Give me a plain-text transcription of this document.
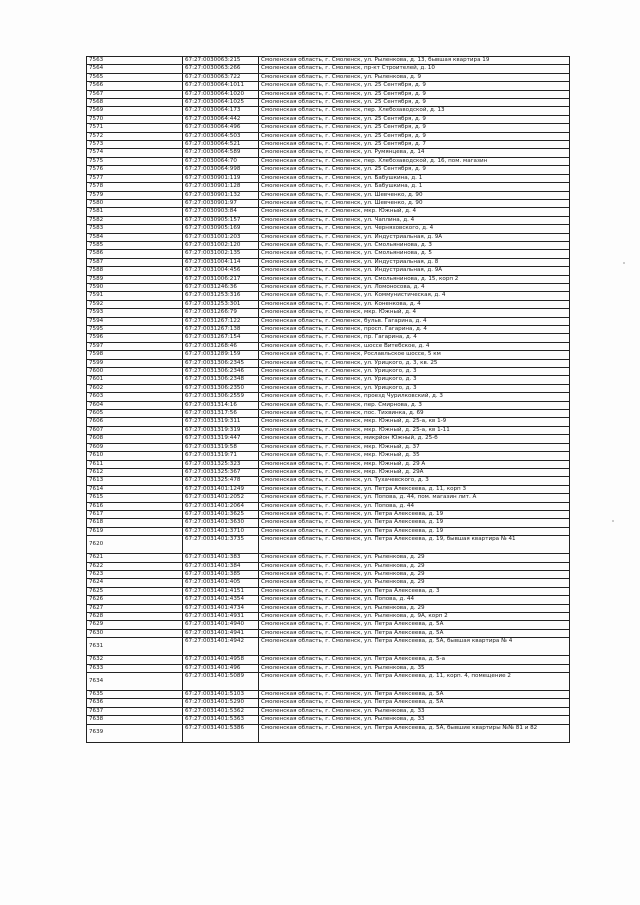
7563	67:27:0030063:215	Смоленская область, г. Смоленск, ул. Рыленкова, д. 13, бывшая квартира 19
7564	67:27:0030063:266	Смоленская область, г. Смоленск, пр-кт Строителей, д. 10
7565	67:27:0030063:722	Смоленская область, г. Смоленск, ул. Рыленкова, д. 9
7566	67:27:0030064:1011	Смоленская область, г. Смоленск, ул. 25 Сентября, д. 9
7567	67:27:0030064:1020	Смоленская область, г. Смоленск, ул. 25 Сентября, д. 9
7568	67:27:0030064:1025	Смоленская область, г. Смоленск, ул. 25 Сентября, д. 9
7569	67:27:0030064:173	Смоленская область, г. Смоленск, пер. Хлебозаводской, д. 13
7570	67:27:0030064:442	Смоленская область, г. Смоленск, ул. 25 Сентября, д. 9
7571	67:27:0030064:496	Смоленская область, г. Смоленск, ул. 25 Сентября, д. 9
7572	67:27:0030064:503	Смоленская область, г. Смоленск, ул. 25 Сентября, д. 9
7573	67:27:0030064:521	Смоленская область, г. Смоленск, ул. 25 Сентября, д. 7
7574	67:27:0030064:589	Смоленская область, г. Смоленск, ул. Румянцева, д. 14
7575	67:27:0030064:70	Смоленская область, г. Смоленск, пер. Хлебозаводской, д. 16, пом. магазин
7576	67:27:0030064:998	Смоленская область, г. Смоленск, ул. 25 Сентября, д. 9
7577	67:27:0030901:119	Смоленская область, г. Смоленск, ул. Бабушкина, д. 1
7578	67:27:0030901:128	Смоленская область, г. Смоленск, ул. Бабушкина, д. 1
7579	67:27:0030901:132	Смоленская область, г. Смоленск, ул. Шевченко, д. 90
7580	67:27:0030901:97	Смоленская область, г. Смоленск, ул. Шевченко, д. 90
7581	67:27:0030903:84	Смоленская область, г. Смоленск, мкр. Южный, д. 4
7582	67:27:0030905:157	Смоленская область, г. Смоленск, ул. Чаплина, д. 4
7583	67:27:0030905:169	Смоленская область, г. Смоленск, ул. Черняховского, д. 4
7584	67:27:0031001:203	Смоленская область, г. Смоленск, ул. Индустриальная, д. 9А
7585	67:27:0031002:120	Смоленская область, г. Смоленск, ул. Смольянинова, д. 3
7586	67:27:0031002:135	Смоленская область, г. Смоленск, ул. Смольянинова, д. 5
7587	67:27:0031004:114	Смоленская область, г. Смоленск, ул. Индустриальная, д. 8
7588	67:27:0031004:456	Смоленская область, г. Смоленск, ул. Индустриальная, д. 9А
7589	67:27:0031006:217	Смоленская область, г. Смоленск, ул. Смольянинова, д. 15, корп 2
7590	67:27:0031246:36	Смоленская область, г. Смоленск, ул. Ломоносова, д. 4
7591	67:27:0031253:316	Смоленская область, г. Смоленск, ул. Коммунистическая, д. 4
7592	67:27:0031253:301	Смоленская область, г. Смоленск, ул. Коненкова, д. 4
7593	67:27:0031266:79	Смоленская область, г. Смоленск, мкр. Южный, д. 4
7594	67:27:0031267:122	Смоленская область, г. Смоленск, бульв. Гагарина, д. 4
7595	67:27:0031267:138	Смоленская область, г. Смоленск, просп. Гагарина, д. 4
7596	67:27:0031267:154	Смоленская область, г. Смоленск, пр. Гагарина, д. 4
7597	67:27:0031268:46	Смоленская область, г. Смоленск, шоссе Витебское, д. 4
7598	67:27:0031289:159	Смоленская область, г. Смоленск, Рославльское шоссе, 5 км
7599	67:27:0031306:2345	Смоленская область, г. Смоленск, ул. Урицкого, д. 3, кв. 25
7600	67:27:0031306:2346	Смоленская область, г. Смоленск, ул. Урицкого, д. 3
7601	67:27:0031306:2348	Смоленская область, г. Смоленск, ул. Урицкого, д. 3
7602	67:27:0031306:2350	Смоленская область, г. Смоленск, ул. Урицкого, д. 3
7603	67:27:0031306:2559	Смоленская область, г. Смоленск, проезд Чурилковский, д. 3
7604	67:27:0031314:16	Смоленская область, г. Смоленск, пер. Смирнова, д. 3
7605	67:27:0031317:56	Смоленская область, г. Смоленск, пос. Тихвинка, д. 69
7606	67:27:0031319:311	Смоленская область, г. Смоленск, мкр. Южный, д. 25-а, кв 1-9
7607	67:27:0031319:319	Смоленская область, г. Смоленск, мкр. Южный, д. 25-а, кв 1-11
7608	67:27:0031319:447	Смоленская область, г. Смоленск, микрйон Южный, д. 25-б
7609	67:27:0031319:58	Смоленская область, г. Смоленск, мкр. Южный, д. 37
7610	67:27:0031319:71	Смоленская область, г. Смоленск, мкр. Южный, д. 35
7611	67:27:0031325:323	Смоленская область, г. Смоленск, мкр. Южный, д. 29 А
7612	67:27:0031325:367	Смоленская область, г. Смоленск, мкр. Южный, д. 29А
7613	67:27:0031325:478	Смоленская область, г. Смоленск, ул. Тухачевского, д. 3
7614	67:27:0031401:1249	Смоленская область, г. Смоленск, ул. Петра Алексеева, д. 11, корп 3
7615	67:27:0031401:2052	Смоленская область, г. Смоленск, ул. Попова, д. 44, пом. магазин лит. А
7616	67:27:0031401:2064	Смоленская область, г. Смоленск, ул. Попова, д. 44
7617	67:27:0031401:3625	Смоленская область, г. Смоленск, ул. Петра Алексеева, д. 19
7618	67:27:0031401:3630	Смоленская область, г. Смоленск, ул. Петра Алексеева, д. 19
7619	67:27:0031401:3710	Смоленская область, г. Смоленск, ул. Петра Алексеева, д. 19
7620	67:27:0031401:3735	Смоленская область, г. Смоленск, ул. Петра Алексеева, д. 19, бывшая квартира № 41
7621	67:27:0031401:383	Смоленская область, г. Смоленск, ул. Рыленкова, д. 29
7622	67:27:0031401:384	Смоленская область, г. Смоленск, ул. Рыленкова, д. 29
7623	67:27:0031401:385	Смоленская область, г. Смоленск, ул. Рыленкова, д. 29
7624	67:27:0031401:405	Смоленская область, г. Смоленск, ул. Рыленкова, д. 29
7625	67:27:0031401:4151	Смоленская область, г. Смоленск, ул. Петра Алексеева, д. 3
7626	67:27:0031401:4354	Смоленская область, г. Смоленск, ул. Попова, д. 44
7627	67:27:0031401:4734	Смоленская область, г. Смоленск, ул. Рыленкова, д. 29
7628	67:27:0031401:4931	Смоленская область, г. Смоленск, ул. Рыленкова, д. 9А, корп 2
7629	67:27:0031401:4940	Смоленская область, г. Смоленск, ул. Петра Алексеева, д. 5А
7630	67:27:0031401:4941	Смоленская область, г. Смоленск, ул. Петра Алексеева, д. 5А
7631	67:27:0031401:4942	Смоленская область, г. Смоленск, ул. Петра Алексеева, д. 5А, бывшая квартира № 4
7632	67:27:0031401:4958	Смоленская область, г. Смоленск, ул. Петра Алексеева, д. 5-а
7633	67:27:0031401:496	Смоленская область, г. Смоленск, ул. Рыленкова, д. 35
7634	67:27:0031401:5089	Смоленская область, г. Смоленск, ул. Петра Алексеева, д. 11, корп. 4, помещение 2
7635	67:27:0031401:5103	Смоленская область, г. Смоленск, ул. Петра Алексеева, д. 5А
7636	67:27:0031401:5290	Смоленская область, г. Смоленск, ул. Петра Алексеева, д. 5А
7637	67:27:0031401:5362	Смоленская область, г. Смоленск, ул. Рыленкова, д. 33
7638	67:27:0031401:5363	Смоленская область, г. Смоленск, ул. Рыленкова, д. 33
7639	67:27:0031401:5386	Смоленская область, г. Смоленск, ул. Петра Алексеева, д. 5А, бывшие квартиры №№ 81 и 82
